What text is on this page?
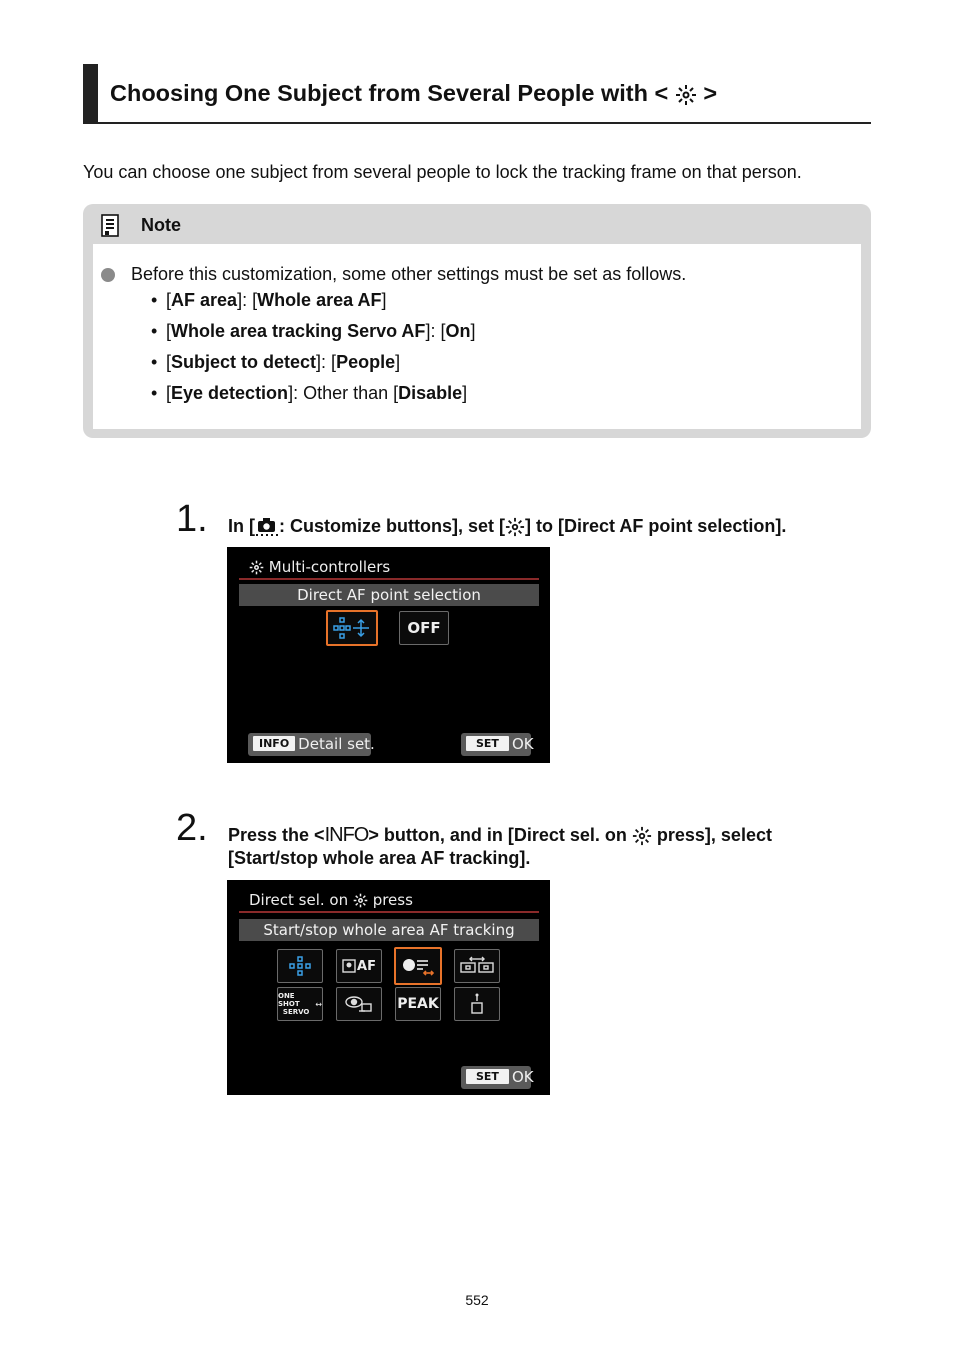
Choosing One Subject from Several People with < >

You can choose one subject from several people to lock the tracking frame on that person.

Note

Before this customization, some other settings must be set as follows.

• [AF area]: [Whole area AF]
• [Whole area tracking Servo AF]: [On]
• [Subject to detect]: [People]
• [Eye detection]: Other than [Disable]
1. In [ : Customize buttons], set [ ] to [Direct AF point selection].

Multi-controllers
Direct AF point selection
OFF
INFO Detail set.	SET OK
2. Press the <INFO> button, and in [Direct sel. on press], select
[Start/stop whole area AF tracking].

Direct sel. on press
Start/stop whole area AF tracking
AF
ONE SHOT
SERVO
↔	PEAK
SET OK
552
